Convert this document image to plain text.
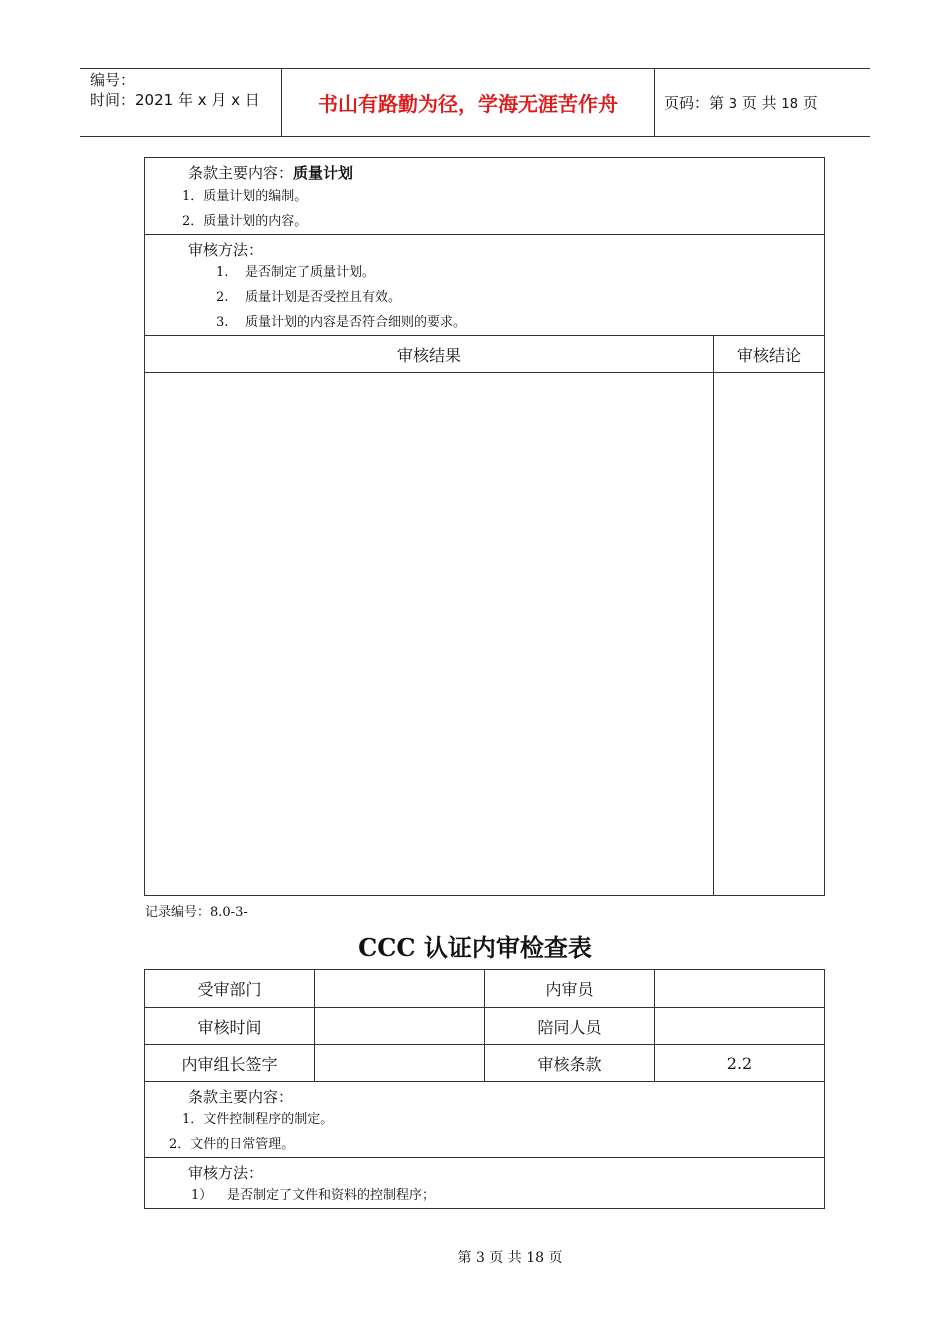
编号：
时间：2021 年 x 月 x 日	书山有路勤为径，学海无涯苦作舟	页码：第 3 页 共 18 页
条款主要内容：质量计划
1．质量计划的编制。
2．质量计划的内容。	

审核方法：
1. 是否制定了质量计划。
2. 质量计划是否受控且有效。
3. 质量计划的内容是否符合细则的要求。	

审核结果	审核结论

记录编号：8.0-3-
CCC 认证内审检查表
受审部门		内审员	
审核时间		陪同人员	
内审组长签字		审核条款	2.2

条款主要内容：
1．文件控制程序的制定。
2．文件的日常管理。			

审核方法：
1） 是否制定了文件和资料的控制程序；			
第 3 页 共 18 页
